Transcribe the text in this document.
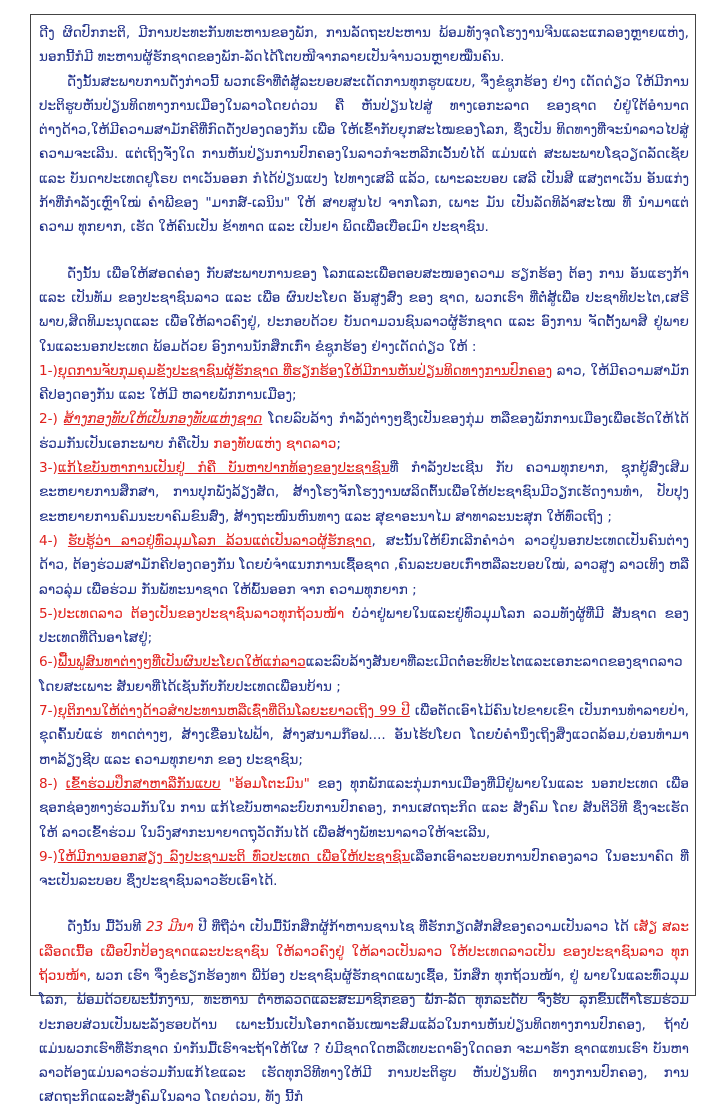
ດີງ ຜິດປົກກະຕິ, ມີການປະທະກັນທະຫານຂອງພັກ, ການລັດຖະປະຫານ ພ້ອມທັງຈຸດໂຮງງານຈີນແລະແກລອງຫຼາຍແຫ່ງ, ນອກນີ້ກໍມີ ທະຫານຜູ້ຮັກຊາດຂອງພັກ-ລັດໄດ້ໂຕບໜີຈາກລາຍເປັນຈຳນວນຫຼາຍໝື່ນຄົນ.

ດັ່ງນັ້ນສະພາບການດັ່ງກ່າວນີ້ ພວກເຮົາທີ່ຕໍ່ສູ້ລະບອບສະເດັດການທຸກຮູບແບບ, ຈຶ່ງຂໍຊູກຮ້ອງ ຢ່າງ ເດັດດ່ຽວ ໃຫ້ມີການປະຕິຮູບຫັນປ່ຽນທິດທາງການເມືອງໃນລາວໂດຍດ່ວນ ຄື ຫັນປ່ຽນໄປສູ່ ທາງເອກະລາດ ຂອງຊາດ ບໍ່ຢູ່ໃຕ້ອຳນາດຕ່າງດ້າວ,ໃຫ້ມີຄວາມສາມັກຄີທີ່ກົດດັ່ງປອງດອງກັນ ເພື່ອ ໃຫ້ເຂົ້າກັບຍຸກສະໄໝຂອງໂລກ, ຊຶ່ງເປັນ ທິດທາງທີ່ຈະນຳລາວໄປສູ່ຄວາມຈະເລີນ. ແຕ່ເຖິງຈັ່ງໃດ ການຫັນປ່ຽນການປົກຄອງໃນລາວກໍຈະຫລີກເວັ້ນບໍ່ໄດ້ ແມ່ນແຕ່ ສະພະພາບໂຊວຽດລັດເຊັຍ ແລະ ບັນດາປະເທດຢູໂຣບ ຕາເວັນອອກ ກໍໄດ້ປ່ຽນແປງ ໄປທາງເສລີ ແລ້ວ, ເພາະລະບອບ ເສລີ ເປັນສີ ແສງຕາເວັນ ອັນແກ່ງກ້າທີ່ກຳລັງເຫຼົາໃໝ່ ຄຳພີຂອງ "ມາກສ໌-ເລນິນ" ໃຫ້ ສາບສູນໄປ ຈາກໂລກ, ເພາະ ມັນ ເປັນລັດທິລ້າສະໄໝ ທີ່ ນຳມາແຕ່ ຄວາມ ທຸກຍາກ, ເຮັດ ໃຫ້ຄົນເປັນ ຂ້າທາດ ແລະ ເປັນຢາ ພິດເພື່ອເບື່ອເມົາ ປະຊາຊົນ.

ດັ່ງນັ້ນ ເພື່ອໃຫ້ສອດຄ່ອງ ກັບສະພາບການຂອງ ໂລກແລະເພື່ອຕອບສະໜອງຄວາມ ຮຽກຮ້ອງ ຕ້ອງ ການ ອັນແຮງກ້າ ແລະ ເປັນທັມ ຂອງປະຊາຊົນລາວ ແລະ ເພື່ອ ຜົນປະໂຍດ ອັນສູງສົ່ງ ຂອງ ຊາດ, ພວກເຮົາ ທີ່ຕໍ່ສູ້ເພື່ອ ປະຊາທິປະໄຕ,ເສຣີພາບ,ສິດທິມະນຸດແລະ ເພື່ອໃຫ້ລາວຄົງຢູ່, ປະກອບດ້ວຍ ບັນດາມວນຊົນລາວຜູ້ຮັກຊາດ ແລະ ອົງການ ຈັດຕັ້ງພາສີ ຢູ່ພາຍ ໃນແລະນອກປະເທດ ພ້ອມດ້ວຍ ອົງການນັກສຶກເກົ່າ ຂໍຊູກຮ້ອງ ຢ່າງເດັດດ່ຽວ ໃຫ້ :

1-)ຍຸດການຈັບກຸມຄຸມຂັງປະຊາຊົນຜູ້ຮັກຊາດ ທີ່ຮຽກຮ້ອງໃຫ້ມີການຫັນປ່ຽນທິດທາງການປົກຄອງ ລາວ, ໃຫ້ມີຄວາມສາມັກ ຄີປອງດອງກັນ ແລະ ໃຫ້ມີ ຫລາຍພັກການເມືອງ;

2-) ສ້າງກອງທັບໃຫ້ເປັນກອງທັບແຫ່ງຊາດ ໂດຍລົບລ້າງ ກຳລັງຕ່າງໆຊຶ່ງເປັນຂອງກຸ່ມ ຫລືຂອງພັກການເມືອງເພື່ອເຮັດໃຫ້ໄດ້ຮ່ວມກັນເປັນເອກະພາບ ກໍຄືເປັນ ກອງທັບແຫ່ງ ຊາດລາວ;

3-)ແກ້ໄຂບັນຫາການເປັນຢູ່ ກໍຄື ບັນຫາປາກທ້ອງຂອງປະຊາຊົນທີ່ ກຳລັງປະເຊີນ ກັບ ຄວາມທຸກຍາກ, ຊຸກຍູ້ສົ່ງເສີມ ຂະຫຍາຍການສຶກສາ, ການປຸກພັງລ້ຽງສັດ, ສ້າງໂຮງຈັກໂຮງງານຜລິດຕົ້ນເພື່ອໃຫ້ປະຊາຊົນມີວຽກເຮັດງານທຳ, ປັບປຸງ ຂະຫຍາຍການຄົມນະບາຄົມຂົນສົ່ງ, ສ້າງຖະໜົນຫົນທາງ ແລະ ສຸຂາອະນາໄມ ສາທາລະນະສຸກ ໃຫ້ທົ່ວເຖິງ ;

4-) ຮັບຮູ້ວ່າ ລາວຢູ່ທົ່ວມຸມໂລກ ລ້ວນແຕ່ເປັນລາວຜູ້ຮັກຊາດ, ສະນັ້ນໃຫ້ຍົກເລີກຄຳວ່າ ລາວຢູ່ນອກປະເທດເປັນຄົນຕ່າງ ດ້າວ, ຕ້ອງຮ່ວມສາມັກຄີປອງດອງກັນ ໂດຍບໍ່ຈຳແນກການເຊື້ອຊາດ ,ຄົນລະບອບເກົ່າຫລືລະບອບໃໝ່, ລາວສູງ ລາວເທິງ ຫລື ລາວລຸ່ມ ເພື່ອຮ່ວມ ກັນພັທະນາຊາດ ໃຫ້ພົ້ນອອກ ຈາກ ຄວາມທຸກຍາກ ;

5-)ປະເທດລາວ ຕ້ອງເປັນຂອງປະຊາຊົນລາວທຸກຖ້ວນໜ້າ ບໍ່ວ່າຢູ່ພາຍໃນແລະຢູ່ທົ່ວມຸມໂລກ ລວມທັງຜູ້ທີ່ມີ ສັນຊາດ ຂອງ ປະເທດທີ່ດີນອາໄສຢູ່;

6-)ຟື້ນຟູສົນທາຕ່າງໆທີ່ເປັນຜົນປະໂຍດໃຫ້ແກ່ລາວແລະລົບລ້າງສັນຍາທີ່ລະເມີດຕໍ່ອະທິປະໄຕແລະເອກະລາດຂອງຊາດລາວ ໂດຍສະເພາະ ສັນຍາທີ່ໄດ້ເຊັນກັບກັບປະເທດເພື່ອນບ້ານ ;

7-)ຍຸຕິການໃຫ້ຕ່າງດ້າວສຳປະທານຫລືເຊົ່າທີ່ດິນໂລຍະຍາວເຖິງ 99 ປີ ເພື່ອຕັດເອົາໄມ້ຄົນໄປຂາຍເຂົາ ເປັນການທຳລາຍປ່າ, ຂຸດຄົ້ນບໍ່ແຮ່ ທາດຕ່າງໆ, ສ້າງເຂື່ອນໄຟຟ້າ, ສ້າງສນາມກ໊ອຟ.... ອັນໄຮ້ປໂຍດ ໂດຍບໍ່ຄຳນຶ່ງເຖິງສິ່ງແວດລ້ອມ,ບ່ອນທຳມາ ຫາລ້ຽງຊີບ ແລະ ຄວາມທຸກຍາກ ຂອງ ປະຊາຊົນ;

8-) ເຂົ້າຮ່ວມປຶກສາຫາລືກັນແບບ "ອ້ອມໂຕະມົນ" ຂອງ ທຸກພັກແລະກຸ່ມການເມືອງທີ່ມີຢູ່ພາຍໃນແລະ ນອກປະເທດ ເພື່ອ ຊອກຊ່ອງທາງຮ່ວມກັນໃນ ການ ແກ້ໄຂບັນຫາລະບົບການປົກຄອງ, ການເສດຖະກິດ ແລະ ສັງຄົມ ໂດຍ ສັນຕິວິທີ ຊຶ່ງຈະເຮັດ ໃຫ້ ລາວເຂົ້າຮ່ວມ ໃນວົງສາກະນາຍາດຖຸວັດກັນໄດ້ ເພື່ອສ້າງພັທະນາລາວໃຫ້ຈະເລີນ,

9-)ໃຫ້ມີການອອກສຽງ ລົງປະຊາມະຕິ ທົ່ວປະເທດ ເພື່ອໃຫ້ປະຊາຊົນເລືອກເອົາລະບອບການປົກຄອງລາວ ໃນອະນາຄົດ ທີ່ຈະເປັນລະບອບ ຊຶ່ງປະຊາຊົນລາວຮັບເອົາໄດ້.

ດັ່ງນັ້ນ ມື້ວັນທີ 23 ມີນາ ປີ ທີ່ຖືວ່າ ເປັນມື້ນັກສຶກຜູ້ກ້າຫານຊານໄຊ ທີ່ຮັກກຽດສັກສີຂອງຄວາມເປັນລາວ ໄດ້ ເສັຽ ສລະເລືອດເນື້ອ ເພື່ອປົກປ້ອງຊາດແລະປະຊາຊົນ ໃຫ້ລາວຄົງຢູ່ ໃຫ້ລາວເປັນລາວ ໃຫ້ປະເທດລາວເປັນ ຂອງປະຊາຊົນລາວ ທຸກຖ້ວນໜ້າ, ພວກ ເຮົາ ຈຶ່ງຂໍຮຽກຮ້ອງທາ ພີ່ນ້ອງ ປະຊາຊົນຜູ້ຮັກຊາດແພງເຊື້ອ, ນັກສຶກ ທຸກຖ້ວນໜ້າ, ຢູ່ ພາຍໃນແລະທົ່ວມຸມໂລກ, ພ້ອມດ້ວຍພະນັກງານ, ທະຫານ ຕຳຫລວດແລະສະມາຊິກຂອງ ພັກ-ລັດ ທຸກລະດັບ ຈົ່ງຮັບ ລຸກຂື້ນເຕົ້າໂຮມຮ່ວມປະກອບສ່ວນເປັນພະລັງຮອບດ້ານ ເພາະນັ້ນເປັນໂອກາດອັນເໝາະສົມແລ້ວໃນການຫັນປ່ຽນທິດທາງການປົກຄອງ, ຖ້າບໍ່ ແມ່ນພວກເຮົາທີ່ຮັກຊາດ ນຳກັນມື້ເຮົາຈະຖ້າໃຫ້ໃຜ ? ບໍ່ມີຊາດໃດຫລືເທບະດາອົງໃດດອກ ຈະມາຮັກ ຊາດແທນເຮົາ ບັນຫາລາວຕ້ອງແມ່ນລາວຮ່ວມກັນແກ້ໄຂແລະ ເຮັດທຸກວິທີທາງໃຫ້ມີ ການປະຕິຮູບ ຫັນປ່ຽນທິດ ທາງການປົກຄອງ, ການເສດຖະກິດແລະສັງຄົມໃນລາວ ໂດຍດ່ວນ, ທັງ ນີ້ກໍ
